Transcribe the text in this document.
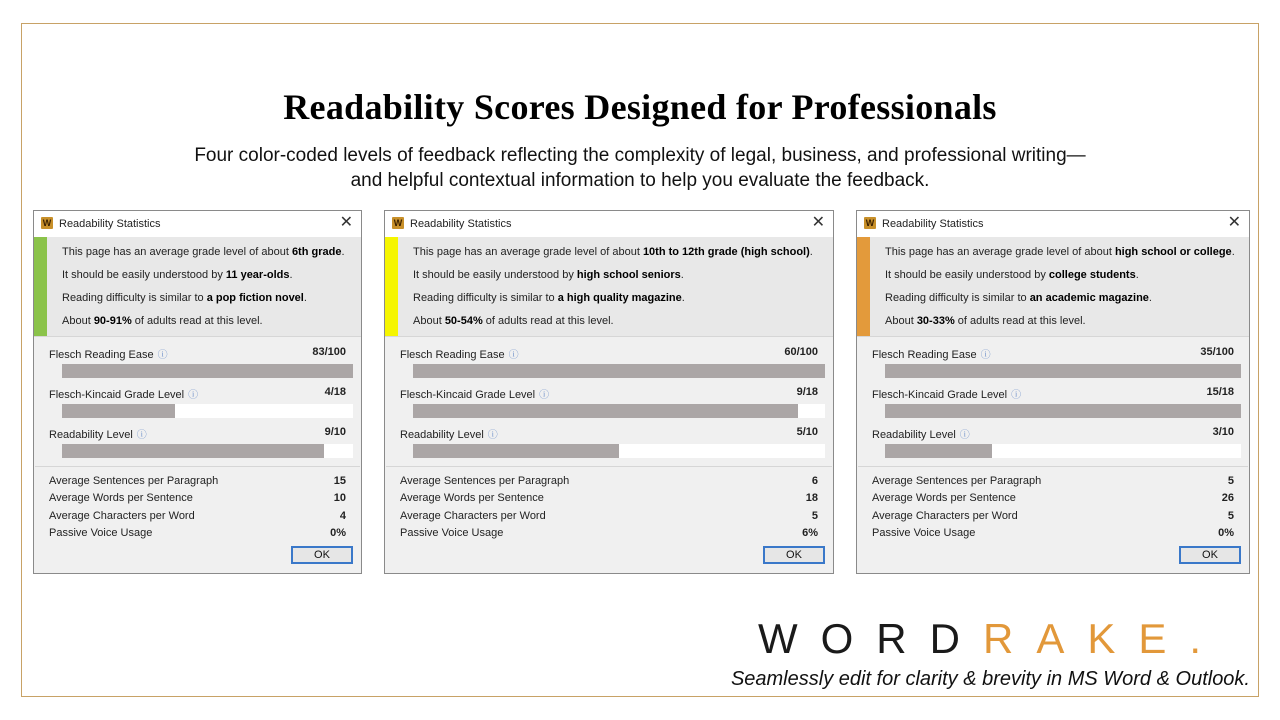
Readability Scores Designed for Professionals
Four color-coded levels of feedback reflecting the complexity of legal, business, and professional writing—
and helpful contextual information to help you evaluate the feedback.
W
Readability Statistics	✕
This page has an average grade level of about 6th grade.
It should be easily understood by 11 year-olds.
Reading difficulty is similar to a pop fiction novel.
About 90-91% of adults read at this level.
Flesch Reading Ease ⓘ	83/100
Flesch-Kincaid Grade Level ⓘ	4/18
Readability Level ⓘ	9/10
Average Sentences per Paragraph	15
Average Words per Sentence	10
Average Characters per Word	4
Passive Voice Usage	0%
OK
W
Readability Statistics	✕
This page has an average grade level of about 10th to 12th grade (high school).
It should be easily understood by high school seniors.
Reading difficulty is similar to a high quality magazine.
About 50-54% of adults read at this level.
Flesch Reading Ease ⓘ	60/100
Flesch-Kincaid Grade Level ⓘ	9/18
Readability Level ⓘ	5/10
Average Sentences per Paragraph	6
Average Words per Sentence	18
Average Characters per Word	5
Passive Voice Usage	6%
OK
W
Readability Statistics	✕
This page has an average grade level of about high school or college.
It should be easily understood by college students.
Reading difficulty is similar to an academic magazine.
About 30-33% of adults read at this level.
Flesch Reading Ease ⓘ	35/100
Flesch-Kincaid Grade Level ⓘ	15/18
Readability Level ⓘ	3/10
Average Sentences per Paragraph	5
Average Words per Sentence	26
Average Characters per Word	5
Passive Voice Usage	0%
OK
WORDRAKE.
Seamlessly edit for clarity & brevity in MS Word & Outlook.
